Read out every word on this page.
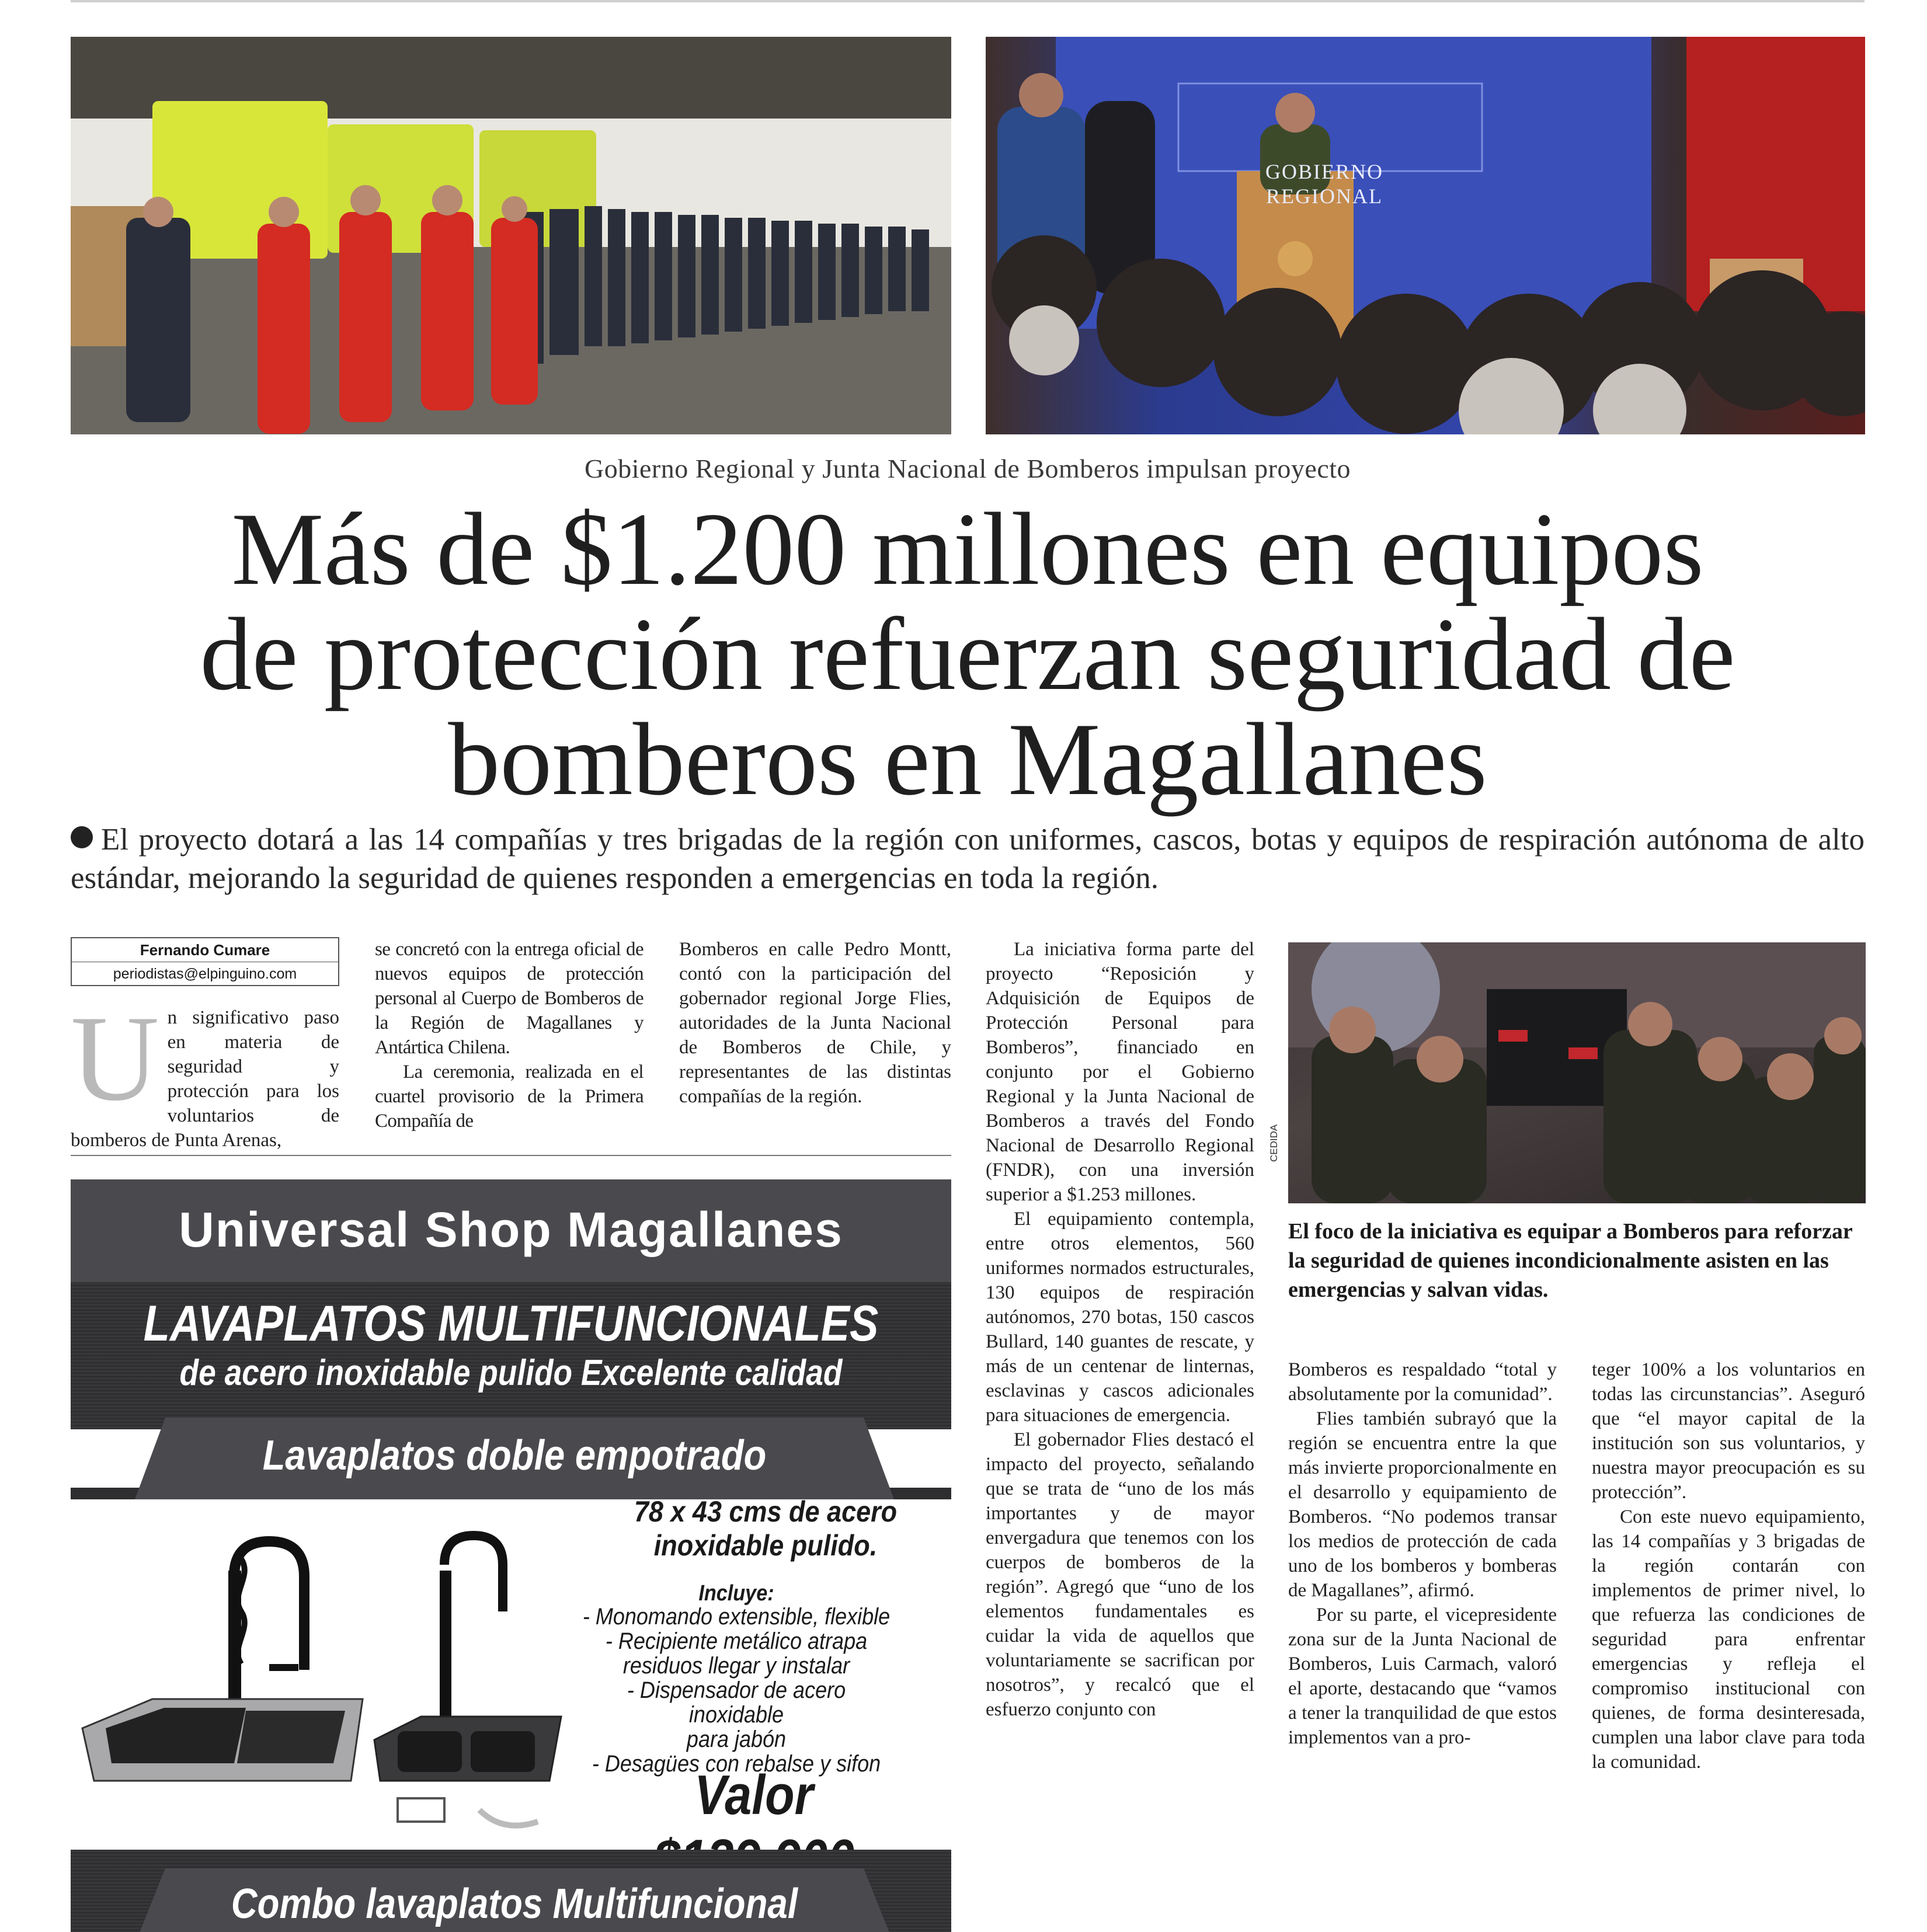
GOBIERNO REGIONAL
Gobierno Regional y Junta Nacional de Bomberos impulsan proyecto
Más de $1.200 millones en equipos
de protección refuerzan seguridad de
bomberos en Magallanes
El proyecto dotará a las 14 compañías y tres brigadas de la región con uniformes, cascos, botas y equipos de respiración autónoma de alto estándar, mejorando la seguridad de quienes responden a emergencias en toda la región.
Fernando Cumare
periodistas@elpinguino.com
U n significativo paso en materia de seguridad y protección para los voluntarios de bomberos de Punta Arenas,

se concretó con la entrega oficial de nuevos equipos de protección personal al Cuerpo de Bomberos de la Región de Magallanes y Antártica Chilena.

La ceremonia, realizada en el cuartel provisorio de la Primera Compañía de

Bomberos en calle Pedro Montt, contó con la participación del gobernador regional Jorge Flies, autoridades de la Junta Nacional de Bomberos de Chile, y representantes de las distintas compañías de la región.

La iniciativa forma parte del proyecto “Reposición y Adquisición de Equipos de Protección Personal para Bomberos”, financiado en conjunto por el Gobierno Regional y la Junta Nacional de Bomberos a través del Fondo Nacional de Desarrollo Regional (FNDR), con una inversión superior a $1.253 millones.

El equipamiento contempla, entre otros elementos, 560 uniformes normados estructurales, 130 equipos de respiración autónomos, 270 botas, 150 cascos Bullard, 140 guantes de rescate, y más de un centenar de linternas, esclavinas y cascos adicionales para situaciones de emergencia.

El gobernador Flies destacó el impacto del proyecto, señalando que se trata de “uno de los más importantes y de mayor envergadura que tenemos con los cuerpos de bomberos de la región”. Agregó que “uno de los elementos fundamentales es cuidar la vida de aquellos que voluntariamente se sacrifican por nosotros”, y recalcó que el esfuerzo conjunto con

CEDIDA
El foco de la iniciativa es equipar a Bomberos para reforzar la seguridad de quienes incondicionalmente asisten en las emergencias y salvan vidas.

Bomberos es respaldado “total y absolutamente por la comunidad”.

Flies también subrayó que la región se encuentra entre la que más invierte proporcionalmente en el desarrollo y equipamiento de Bomberos. “No podemos transar los medios de protección de cada uno de los bomberos y bomberas de Magallanes”, afirmó.

Por su parte, el vicepresidente zona sur de la Junta Nacional de Bomberos, Luis Carmach, valoró el aporte, destacando que “vamos a tener la tranquilidad de que estos implementos van a pro-

teger 100% a los voluntarios en todas las circunstancias”. Aseguró que “el mayor capital de la institución son sus voluntarios, y nuestra mayor preocupación es su protección”.

Con este nuevo equipamiento, las 14 compañías y 3 brigadas de la región contarán con implementos de primer nivel, lo que refuerza las condiciones de seguridad para enfrentar emergencias y refleja el compromiso institucional con quienes, de forma desinteresada, cumplen una labor clave para toda la comunidad.

Universal Shop Magallanes
LAVAPLATOS MULTIFUNCIONALES
de acero inoxidable pulido Excelente calidad
Lavaplatos doble empotrado
78 x 43 cms de acero
inoxidable pulido.
Incluye:
- Monomando extensible, flexible
- Recipiente metálico atrapa
residuos llegar y instalar
- Dispensador de acero inoxidable
para jabón
- Desagües con rebalse y sifon
Valor
Combo lavaplatos Multifuncional
